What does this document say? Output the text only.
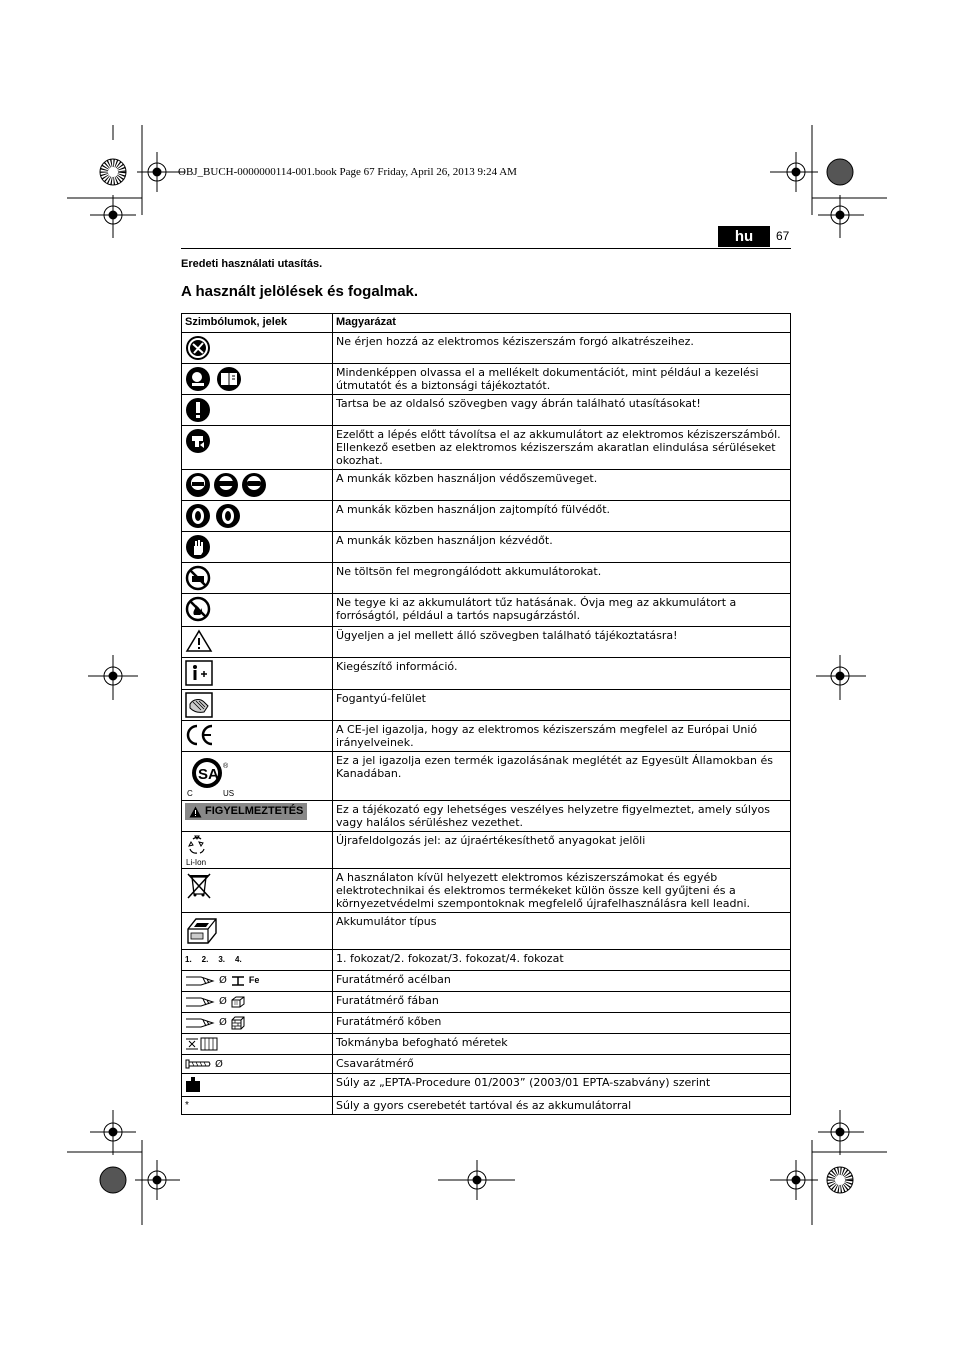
OBJ_BUCH-0000000114-001.book Page 67 Friday, April 26, 2013 9:24 AM
hu	67
Eredeti használati utasítás.
A használt jelölések és fogalmak.
Szimbólumok, jelek	Magyarázat

	Ne érjen hozzá az elektromos kéziszerszám forgó alkatrészeihez.

	Mindenképpen olvassa el a mellékelt dokumentációt, mint például a kezelési útmutatót és a biztonsági tájékoztatót.

	Tartsa be az oldalsó szövegben vagy ábrán található utasításokat!

	Ezelőtt a lépés előtt távolítsa el az akkumulátort az elektromos kéziszerszámból. Ellenkező esetben az elektromos kéziszerszám akaratlan elindulása sérüléseket okozhat.

	A munkák közben használjon védőszemüveget.

	A munkák közben használjon zajtompító fülvédőt.

	A munkák közben használjon kézvédőt.

	Ne töltsön fel megrongálódott akkumulátorokat.

	Ne tegye ki az akkumulátort tűz hatásának. Óvja meg az akkumulátort a forróságtól, például a tartós napsugárzástól.

	Ügyeljen a jel mellett álló szövegben található tájékoztatásra!

	Kiegészítő információ.

	Fogantyú-felület

	A CE-jel igazolja, hogy az elektromos kéziszerszám megfelel az Európai Unió irányelveinek.

SA
C US
®	Ez a jel igazolja ezen termék igazolásának meglétét az Egyesült Államokban és Kanadában.

FIGYELMEZTETÉS	Ez a tájékozató egy lehetséges veszélyes helyzetre figyelmeztet, amely súlyos vagy halálos sérüléshez vezethet.

Li-Ion	Újrafeldolgozás jel: az újraértékesíthető anyagokat jelöli

	A használaton kívül helyezett elektromos kéziszerszámokat és egyéb elektrotechnikai és elektromos termékeket külön össze kell gyűjteni és a környezetvédelmi szempontoknak megfelelő újrafelhasználásra kell leadni.

	Akkumulátor típus

1. 2. 3. 4.	1. fokozat/2. fokozat/3. fokozat/4. fokozat

Ø Fe	Furatátmérő acélban

Ø	Furatátmérő fában

Ø	Furatátmérő kőben

	Tokmányba befogható méretek

Ø	Csavarátmérő

	Súly az „EPTA-Procedure 01/2003” (2003/01 EPTA-szabvány) szerint
*	Súly a gyors cserebetét tartóval és az akkumulátorral
